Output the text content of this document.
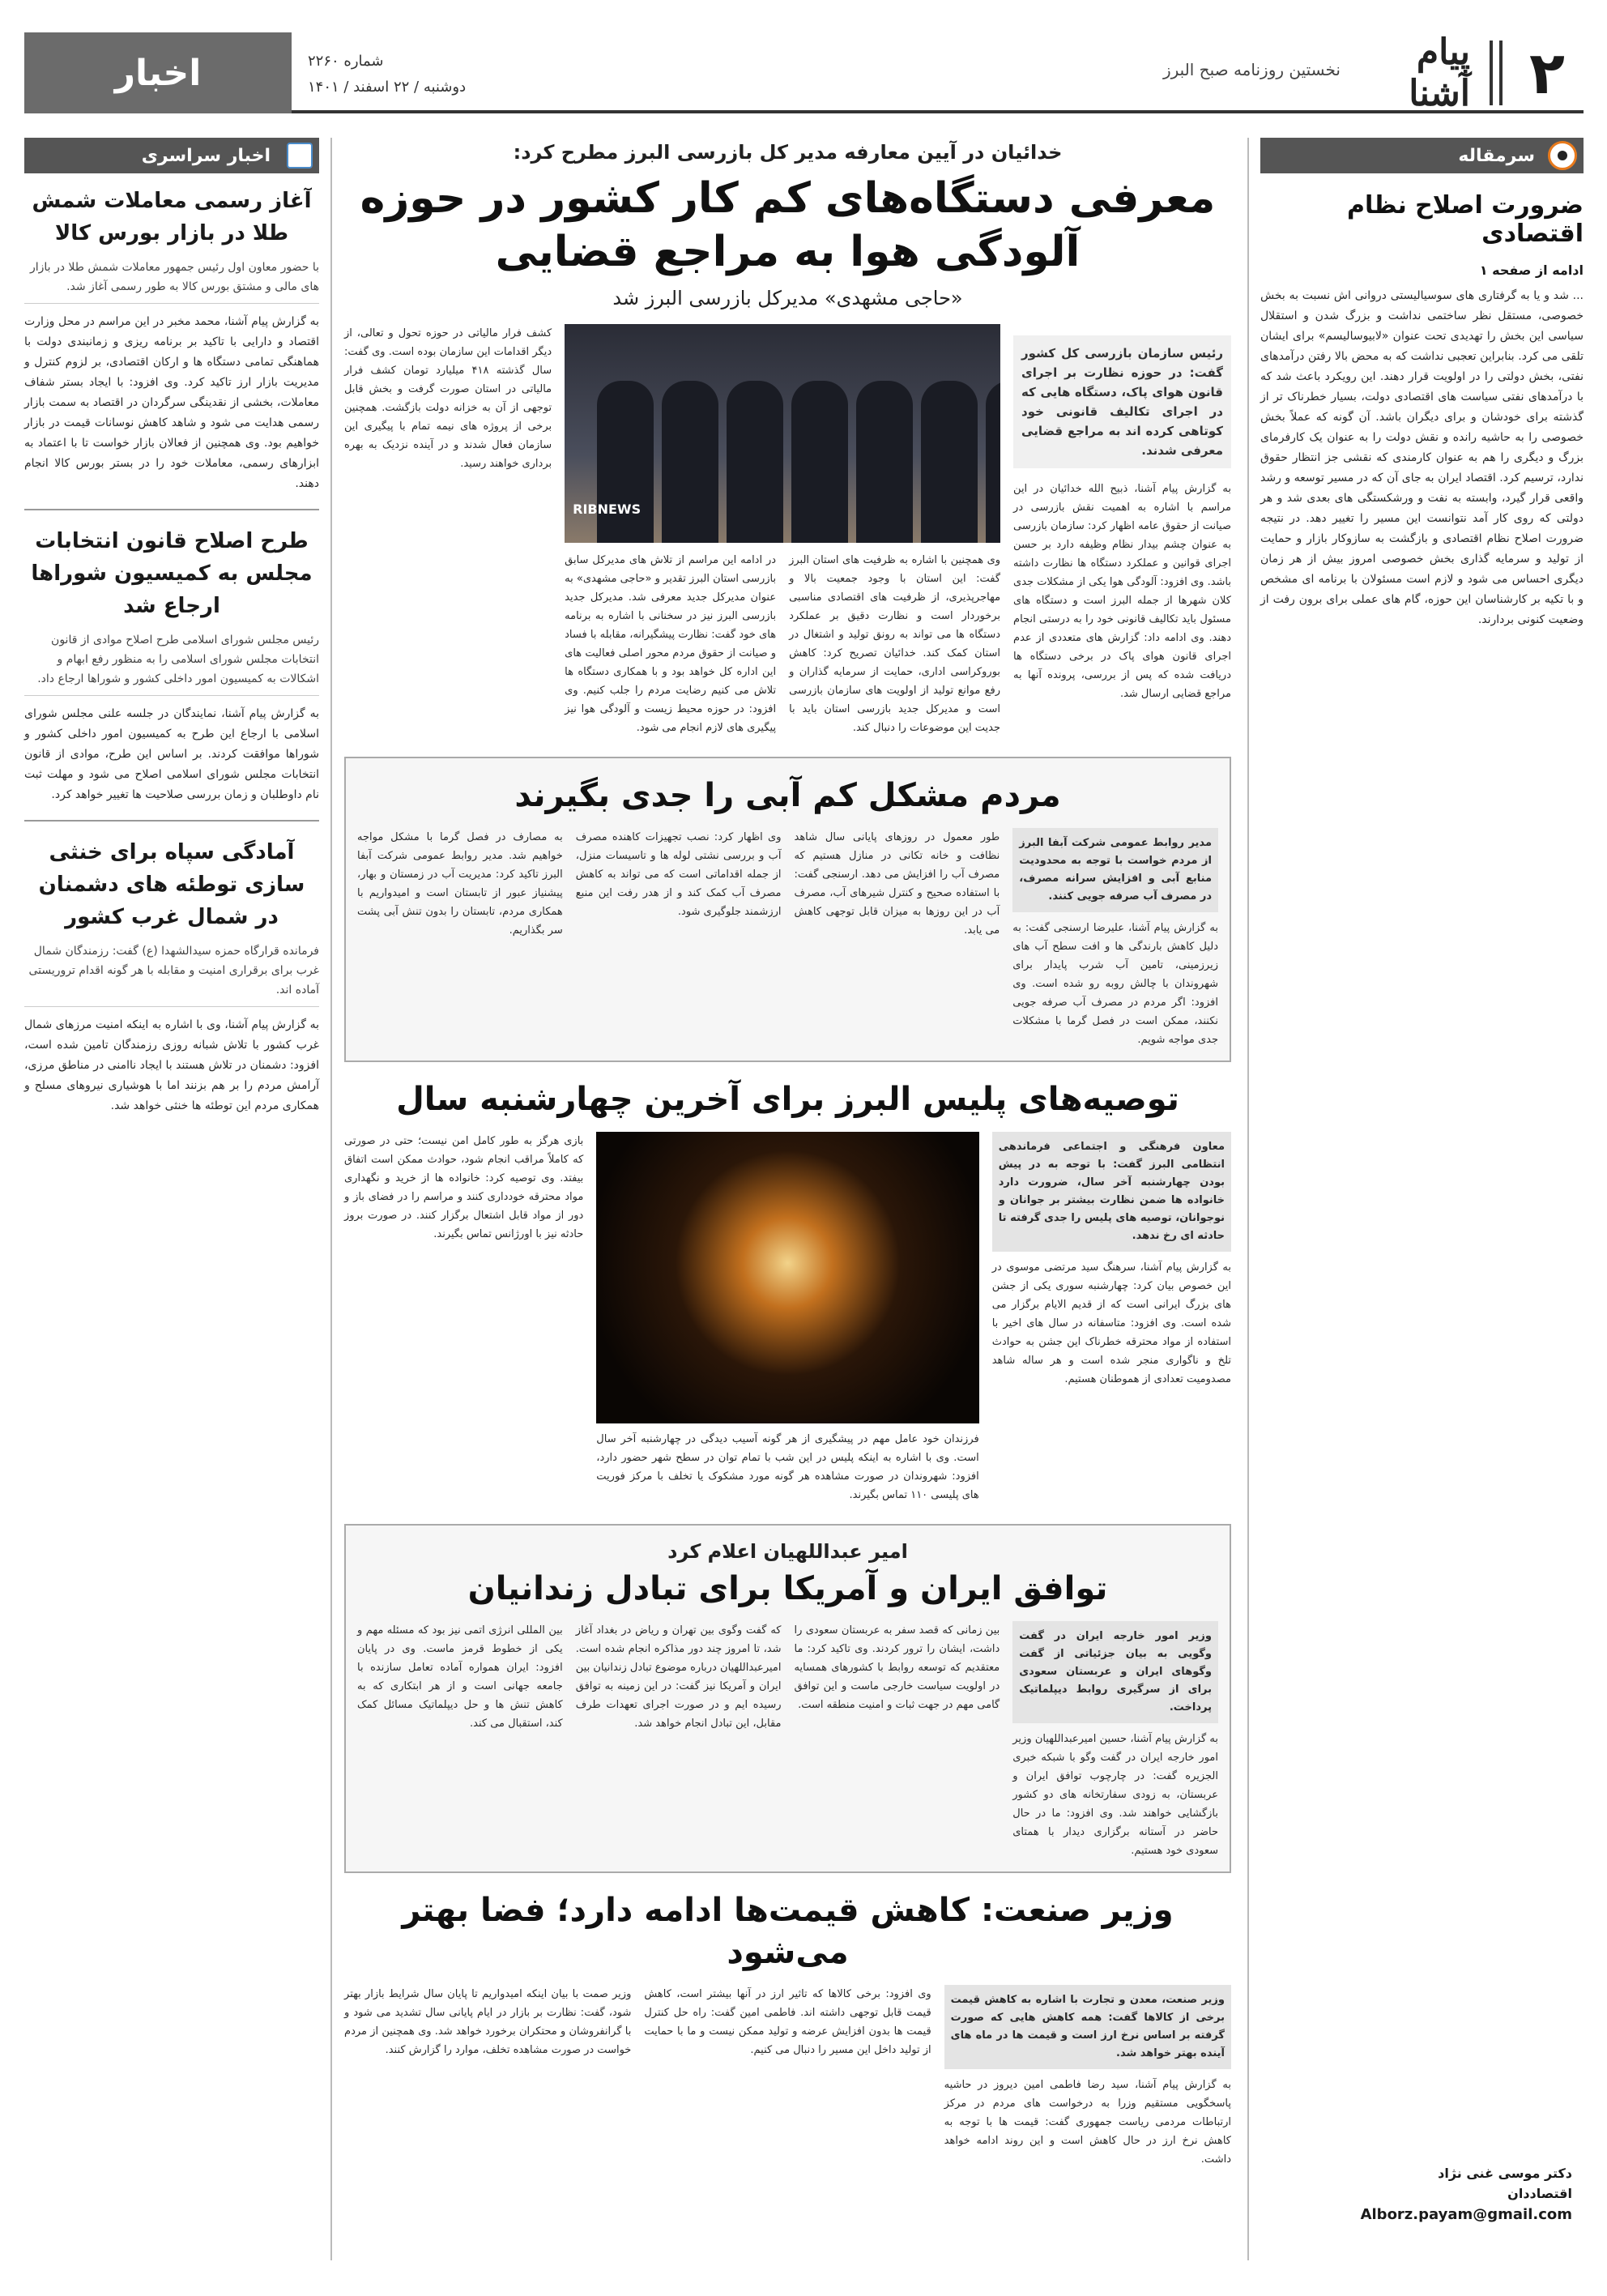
۲
پیام آشنا
نخستین روزنامه صبح البرز
شماره ۲۲۶۰
دوشنبه / ۲۲ اسفند / ۱۴۰۱
اخبار
سرمقاله
ضرورت اصلاح نظام اقتصادی
ادامه از صفحه ۱
... شد و یا به گرفتاری های سوسیالیستی دروانی اش نسبت به بخش خصوصی، مستقل نظر ساختمی نداشت و بزرگ شدن و استقلال سیاسی این بخش را تهدیدی تحت عنوان «لابیوسالیسم» برای ایشان تلقی می کرد. بنابراین تعجبی نداشت که به محض بالا رفتن درآمدهای نفتی، بخش دولتی را در اولویت قرار دهند. این رویکرد باعث شد که با درآمدهای نفتی سیاست های اقتصادی دولت، بسیار خطرناک تر از گذشته برای خودشان و برای دیگران باشد. آن گونه که عملاً بخش خصوصی را به حاشیه رانده و نقش دولت را به عنوان یک کارفرمای بزرگ و دیگری را هم به عنوان کارمندی که نقشی جز انتظار حقوق ندارد، ترسیم کرد. اقتصاد ایران به جای آن که در مسیر توسعه و رشد واقعی قرار گیرد، وابسته به نفت و ورشکستگی های بعدی شد و هر دولتی که روی کار آمد نتوانست این مسیر را تغییر دهد. در نتیجه ضرورت اصلاح نظام اقتصادی و بازگشت به سازوکار بازار و حمایت از تولید و سرمایه گذاری بخش خصوصی امروز بیش از هر زمان دیگری احساس می شود و لازم است مسئولان با برنامه ای مشخص و با تکیه بر کارشناسان این حوزه، گام های عملی برای برون رفت از وضعیت کنونی بردارند.
دکتر موسی غنی نژاد
اقتصاددان
Alborz.payam@gmail.com
اخبار سراسری
آغاز رسمی معاملات شمش طلا در بازار بورس کالا
با حضور معاون اول رئیس جمهور معاملات شمش طلا در بازار های مالی و مشتق بورس کالا به طور رسمی آغاز شد.
به گزارش پیام آشنا، محمد مخبر در این مراسم در محل وزارت اقتصاد و دارایی با تاکید بر برنامه ریزی و زمانبندی دولت با هماهنگی تمامی دستگاه ها و ارکان اقتصادی، بر لزوم کنترل و مدیریت بازار ارز تاکید کرد. وی افزود: با ایجاد بستر شفاف معاملات، بخشی از نقدینگی سرگردان در اقتصاد به سمت بازار رسمی هدایت می شود و شاهد کاهش نوسانات قیمت در بازار خواهیم بود. وی همچنین از فعالان بازار خواست تا با اعتماد به ابزارهای رسمی، معاملات خود را در بستر بورس کالا انجام دهند.
طرح اصلاح قانون انتخابات مجلس به کمیسیون شوراها ارجاع شد
رئیس مجلس شورای اسلامی طرح اصلاح موادی از قانون انتخابات مجلس شورای اسلامی را به منظور رفع ابهام و اشکالات به کمیسیون امور داخلی کشور و شوراها ارجاع داد.
به گزارش پیام آشنا، نمایندگان در جلسه علنی مجلس شورای اسلامی با ارجاع این طرح به کمیسیون امور داخلی کشور و شوراها موافقت کردند. بر اساس این طرح، موادی از قانون انتخابات مجلس شورای اسلامی اصلاح می شود و مهلت ثبت نام داوطلبان و زمان بررسی صلاحیت ها تغییر خواهد کرد.
آمادگی سپاه برای خنثی سازی توطئه های دشمنان در شمال غرب کشور
فرمانده قرارگاه حمزه سیدالشهدا (ع) گفت: رزمندگان شمال غرب برای برقراری امنیت و مقابله با هر گونه اقدام تروریستی آماده اند.
به گزارش پیام آشنا، وی با اشاره به اینکه امنیت مرزهای شمال غرب کشور با تلاش شبانه روزی رزمندگان تامین شده است، افزود: دشمنان در تلاش هستند با ایجاد ناامنی در مناطق مرزی، آرامش مردم را بر هم بزنند اما با هوشیاری نیروهای مسلح و همکاری مردم این توطئه ها خنثی خواهد شد.
خدائیان در آیین معارفه مدیر کل بازرسی البرز مطرح کرد:
معرفی دستگاه‌های کم کار کشور در حوزه آلودگی هوا به مراجع قضایی
«حاجی مشهدی» مدیرکل بازرسی البرز شد
رئیس سازمان بازرسی کل کشور گفت: در حوزه نظارت بر اجرای قانون هوای پاک، دستگاه هایی که در اجرای تکالیف قانونی خود کوتاهی کرده اند به مراجع قضایی معرفی شدند.
به گزارش پیام آشنا، ذبیح الله خدائیان در این مراسم با اشاره به اهمیت نقش بازرسی در صیانت از حقوق عامه اظهار کرد: سازمان بازرسی به عنوان چشم بیدار نظام وظیفه دارد بر حسن اجرای قوانین و عملکرد دستگاه ها نظارت داشته باشد. وی افزود: آلودگی هوا یکی از مشکلات جدی کلان شهرها از جمله البرز است و دستگاه های مسئول باید تکالیف قانونی خود را به درستی انجام دهند. وی ادامه داد: گزارش های متعددی از عدم اجرای قانون هوای پاک در برخی دستگاه ها دریافت شده که پس از بررسی، پرونده آنها به مراجع قضایی ارسال شد.
RIBNEWS
وی همچنین با اشاره به ظرفیت های استان البرز گفت: این استان با وجود جمعیت بالا و مهاجرپذیری، از ظرفیت های اقتصادی مناسبی برخوردار است و نظارت دقیق بر عملکرد دستگاه ها می تواند به رونق تولید و اشتغال در استان کمک کند. خدائیان تصریح کرد: کاهش بوروکراسی اداری، حمایت از سرمایه گذاران و رفع موانع تولید از اولویت های سازمان بازرسی است و مدیرکل جدید بازرسی استان باید با جدیت این موضوعات را دنبال کند.
در ادامه این مراسم از تلاش های مدیرکل سابق بازرسی استان البرز تقدیر و «حاجی مشهدی» به عنوان مدیرکل جدید معرفی شد. مدیرکل جدید بازرسی البرز نیز در سخنانی با اشاره به برنامه های خود گفت: نظارت پیشگیرانه، مقابله با فساد و صیانت از حقوق مردم محور اصلی فعالیت های این اداره کل خواهد بود و با همکاری دستگاه ها تلاش می کنیم رضایت مردم را جلب کنیم. وی افزود: در حوزه محیط زیست و آلودگی هوا نیز پیگیری های لازم انجام می شود.
کشف فرار مالیاتی در حوزه تحول و تعالی، از دیگر اقدامات این سازمان بوده است. وی گفت: سال گذشته ۴۱۸ میلیارد تومان کشف فرار مالیاتی در استان صورت گرفت و بخش قابل توجهی از آن به خزانه دولت بازگشت. همچنین برخی از پروژه های نیمه تمام با پیگیری این سازمان فعال شدند و در آینده نزدیک به بهره برداری خواهند رسید.
مردم مشکل کم آبی را جدی بگیرند
مدیر روابط عمومی شرکت آبفا البرز از مردم خواست با توجه به محدودیت منابع آبی و افزایش سرانه مصرف، در مصرف آب صرفه جویی کنند.
به گزارش پیام آشنا، علیرضا ارسنجی گفت: به دلیل کاهش بارندگی ها و افت سطح آب های زیرزمینی، تامین آب شرب پایدار برای شهروندان با چالش روبه رو شده است. وی افزود: اگر مردم در مصرف آب صرفه جویی نکنند، ممکن است در فصل گرما با مشکلات جدی مواجه شویم.
طور معمول در روزهای پایانی سال شاهد نظافت و خانه تکانی در منازل هستیم که مصرف آب را افزایش می دهد. ارسنجی گفت: با استفاده صحیح و کنترل شیرهای آب، مصرف آب در این روزها به میزان قابل توجهی کاهش می یابد.
وی اظهار کرد: نصب تجهیزات کاهنده مصرف آب و بررسی نشتی لوله ها و تاسیسات منزل، از جمله اقداماتی است که می تواند به کاهش مصرف آب کمک کند و از هدر رفت این منبع ارزشمند جلوگیری شود.
به مصارف در فصل گرما با مشکل مواجه خواهیم شد. مدیر روابط عمومی شرکت آبفا البرز تاکید کرد: مدیریت آب در زمستان و بهار، پیشنیاز عبور از تابستان است و امیدواریم با همکاری مردم، تابستان را بدون تنش آبی پشت سر بگذاریم.
توصیه‌های پلیس البرز برای آخرین چهارشنبه سال
معاون فرهنگی و اجتماعی فرماندهی انتظامی البرز گفت: با توجه به در پیش بودن چهارشنبه آخر سال، ضرورت دارد خانواده ها ضمن نظارت بیشتر بر جوانان و نوجوانان، توصیه های پلیس را جدی گرفته تا حادثه ای رخ ندهد.
به گزارش پیام آشنا، سرهنگ سید مرتضی موسوی در این خصوص بیان کرد: چهارشنبه سوری یکی از جشن های بزرگ ایرانی است که از قدیم الایام برگزار می شده است. وی افزود: متاسفانه در سال های اخیر با استفاده از مواد محترقه خطرناک این جشن به حوادث تلخ و ناگواری منجر شده است و هر ساله شاهد مصدومیت تعدادی از هموطنان هستیم.
فرزندان خود عامل مهم در پیشگیری از هر گونه آسیب دیدگی در چهارشنبه آخر سال است. وی با اشاره به اینکه پلیس در این شب با تمام توان در سطح شهر حضور دارد، افزود: شهروندان در صورت مشاهده هر گونه مورد مشکوک یا تخلف با مرکز فوریت های پلیسی ۱۱۰ تماس بگیرند.
بازی هرگز به طور کامل امن نیست؛ حتی در صورتی که کاملاً مراقب انجام شود، حوادث ممکن است اتفاق بیفتد. وی توصیه کرد: خانواده ها از خرید و نگهداری مواد محترقه خودداری کنند و مراسم را در فضای باز و دور از مواد قابل اشتعال برگزار کنند. در صورت بروز حادثه نیز با اورژانس تماس بگیرند.
امیر عبداللهیان اعلام کرد
توافق ایران و آمریکا برای تبادل زندانیان
وزیر امور خارجه ایران در گفت وگویی به بیان جزئیاتی از گفت وگوهای ایران و عربستان سعودی برای از سرگیری روابط دیپلماتیک پرداخت.
به گزارش پیام آشنا، حسین امیرعبداللهیان وزیر امور خارجه ایران در گفت وگو با شبکه خبری الجزیره گفت: در چارچوب توافق ایران و عربستان، به زودی سفارتخانه های دو کشور بازگشایی خواهند شد. وی افزود: ما در حال حاضر در آستانه برگزاری دیدار با همتای سعودی خود هستیم.
بین زمانی که قصد سفر به عربستان سعودی را داشت، ایشان را ترور کردند. وی تاکید کرد: ما معتقدیم که توسعه روابط با کشورهای همسایه در اولویت سیاست خارجی ماست و این توافق گامی مهم در جهت ثبات و امنیت منطقه است.
که گفت وگوی بین تهران و ریاض در بغداد آغاز شد، تا امروز چند دور مذاکره انجام شده است. امیرعبداللهیان درباره موضوع تبادل زندانیان بین ایران و آمریکا نیز گفت: در این زمینه به توافق رسیده ایم و در صورت اجرای تعهدات طرف مقابل، این تبادل انجام خواهد شد.
بین المللی انرژی اتمی نیز بود که مسئله مهم و یکی از خطوط قرمز ماست. وی در پایان افزود: ایران همواره آماده تعامل سازنده با جامعه جهانی است و از هر ابتکاری که به کاهش تنش ها و حل دیپلماتیک مسائل کمک کند، استقبال می کند.
وزیر صنعت: کاهش قیمت‌ها ادامه دارد؛ فضا بهتر می‌شود
وزیر صنعت، معدن و تجارت با اشاره به کاهش قیمت برخی از کالاها گفت: همه کاهش هایی که صورت گرفته بر اساس نرخ ارز است و قیمت ها در ماه های آینده بهتر خواهد شد.
به گزارش پیام آشنا، سید رضا فاطمی امین دیروز در حاشیه پاسخگویی مستقیم وزرا به درخواست های مردم در مرکز ارتباطات مردمی ریاست جمهوری گفت: قیمت ها با توجه به کاهش نرخ ارز در حال کاهش است و این روند ادامه خواهد داشت.
وی افزود: برخی کالاها که تاثیر ارز در آنها بیشتر است، کاهش قیمت قابل توجهی داشته اند. فاطمی امین گفت: راه حل کنترل قیمت ها بدون افزایش عرضه و تولید ممکن نیست و ما با حمایت از تولید داخل این مسیر را دنبال می کنیم.
وزیر صمت با بیان اینکه امیدواریم تا پایان سال شرایط بازار بهتر شود، گفت: نظارت بر بازار در ایام پایانی سال تشدید می شود و با گرانفروشان و محتکران برخورد خواهد شد. وی همچنین از مردم خواست در صورت مشاهده تخلف، موارد را گزارش کنند.
